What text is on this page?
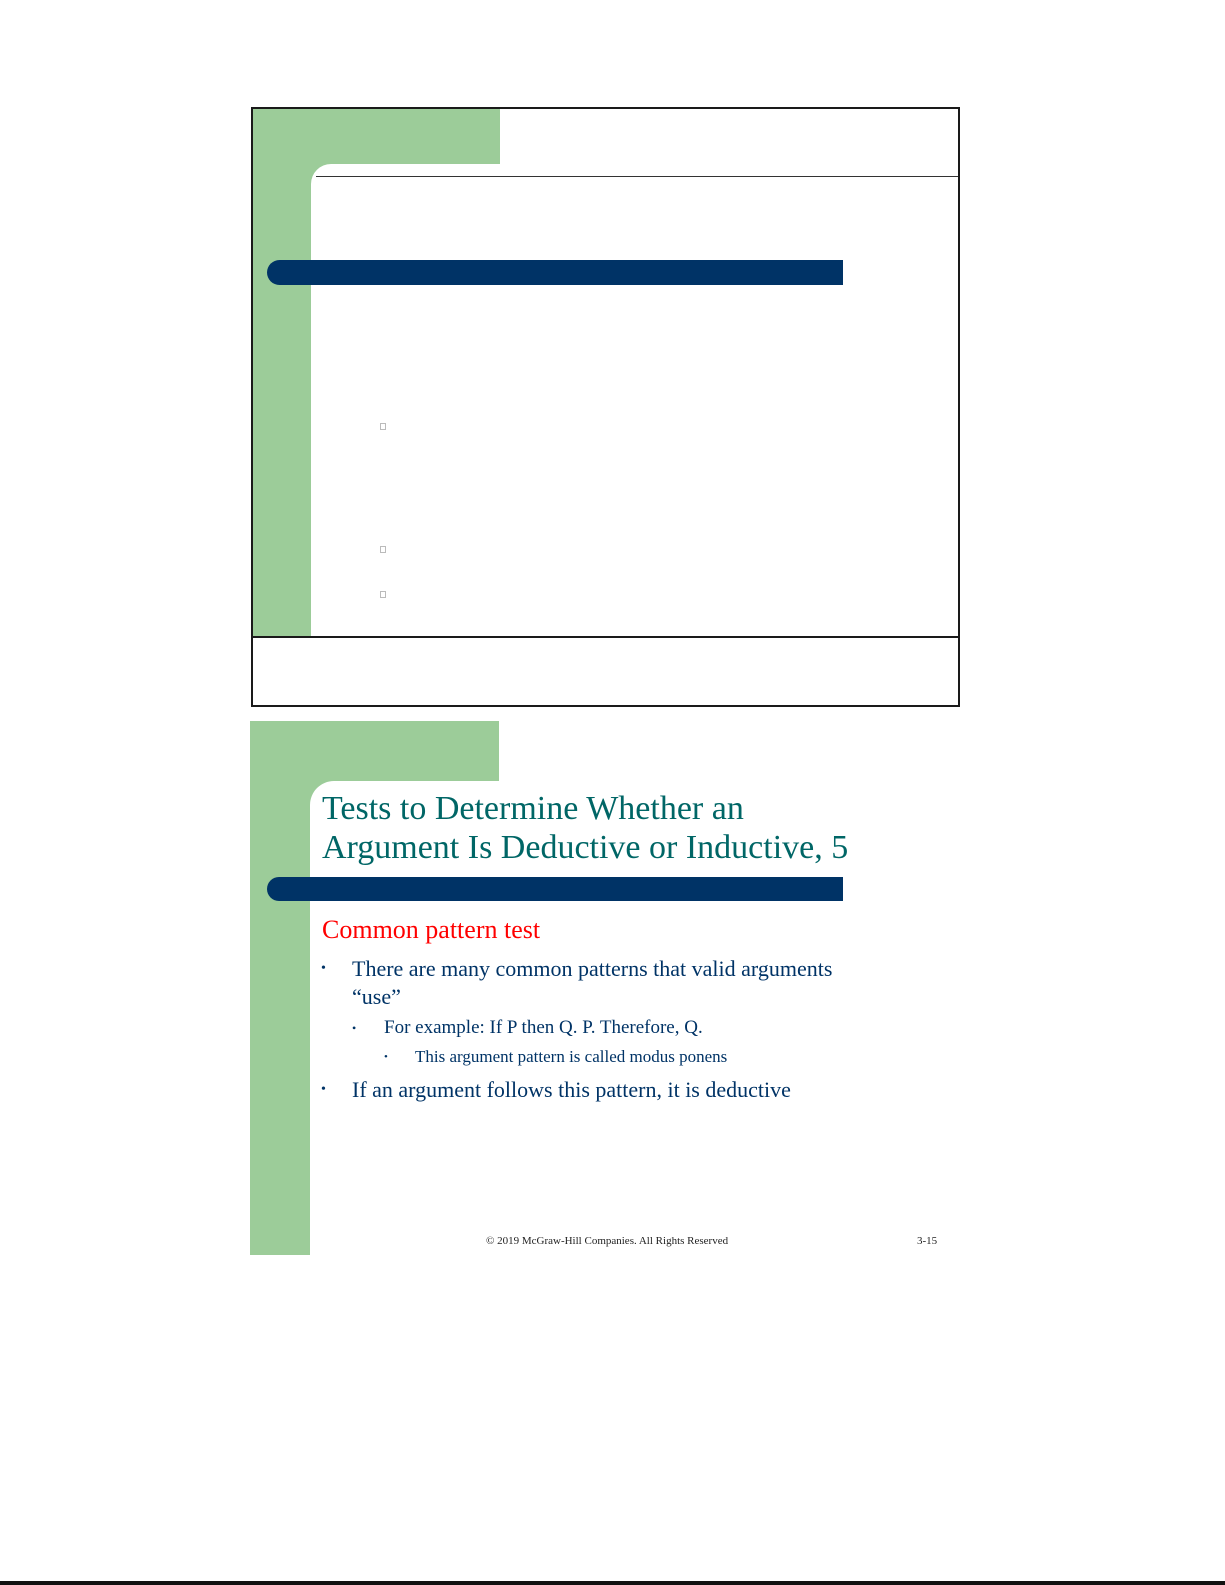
Tests to Determine Whether an
Argument Is Deductive or Inductive, 5
Common pattern test
• There are many common patterns that valid arguments
“use”
• For example: If P then Q. P. Therefore, Q.
• This argument pattern is called modus ponens
• If an argument follows this pattern, it is deductive
© 2019 McGraw-Hill Companies. All Rights Reserved	3-15
